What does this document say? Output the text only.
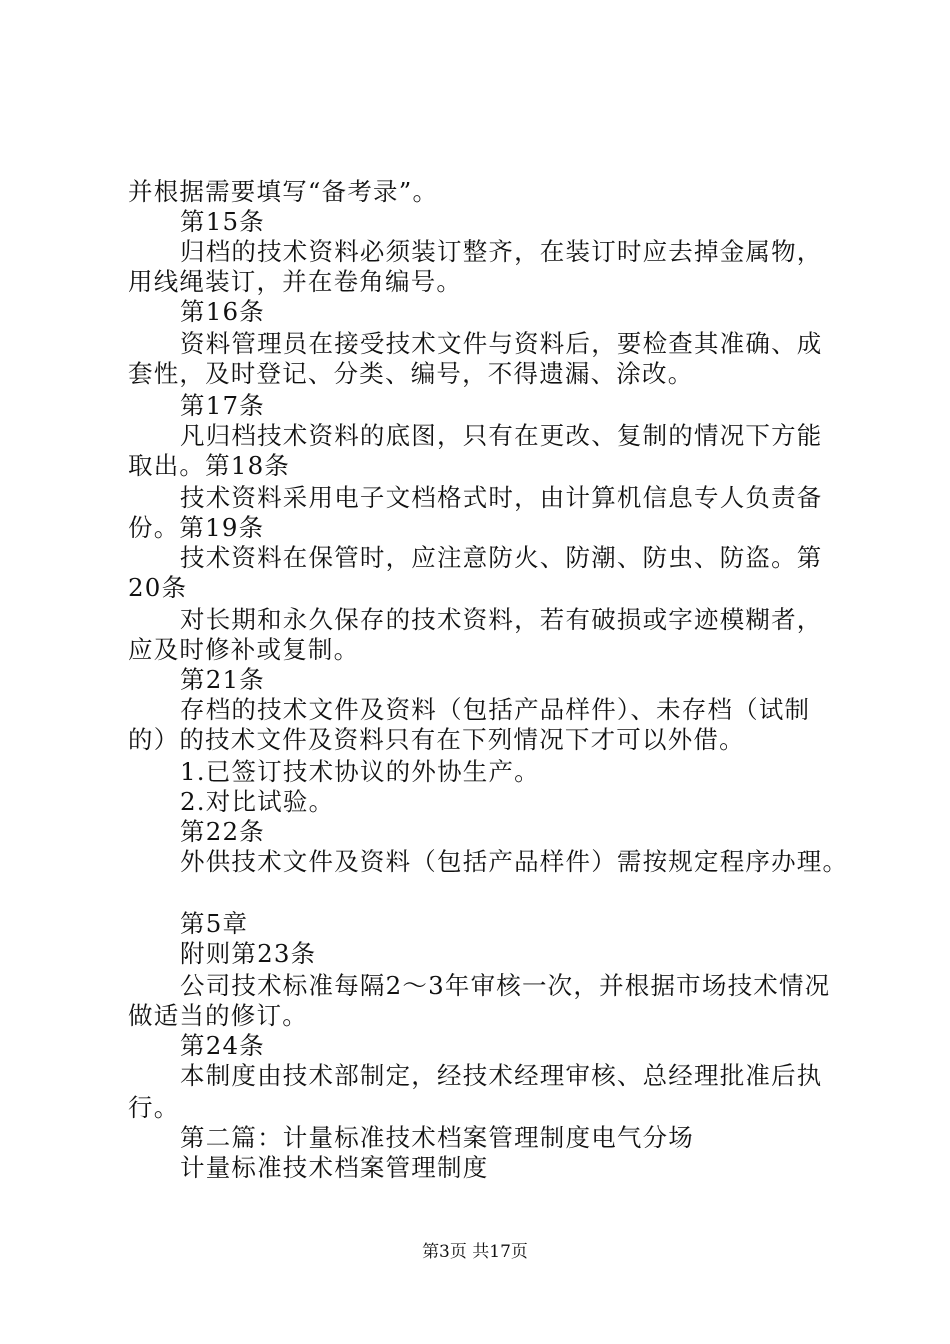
并根据需要填写“备考录”。
第15条
归档的技术资料必须装订整齐，在装订时应去掉金属物，
用线绳装订，并在卷角编号。
第16条
资料管理员在接受技术文件与资料后，要检查其准确、成
套性，及时登记、分类、编号，不得遗漏、涂改。
第17条
凡归档技术资料的底图，只有在更改、复制的情况下方能
取出。第18条
技术资料采用电子文档格式时，由计算机信息专人负责备
份。第19条
技术资料在保管时，应注意防火、防潮、防虫、防盗。第
20条
对长期和永久保存的技术资料，若有破损或字迹模糊者，
应及时修补或复制。
第21条
存档的技术文件及资料（包括产品样件）、未存档（试制
的）的技术文件及资料只有在下列情况下才可以外借。
1.已签订技术协议的外协生产。
2.对比试验。
第22条
外供技术文件及资料（包括产品样件）需按规定程序办理。
第5章
附则第23条
公司技术标准每隔2～3年审核一次，并根据市场技术情况
做适当的修订。
第24条
本制度由技术部制定，经技术经理审核、总经理批准后执
行。
第二篇：计量标准技术档案管理制度电气分场
计量标准技术档案管理制度
第3页 共17页
